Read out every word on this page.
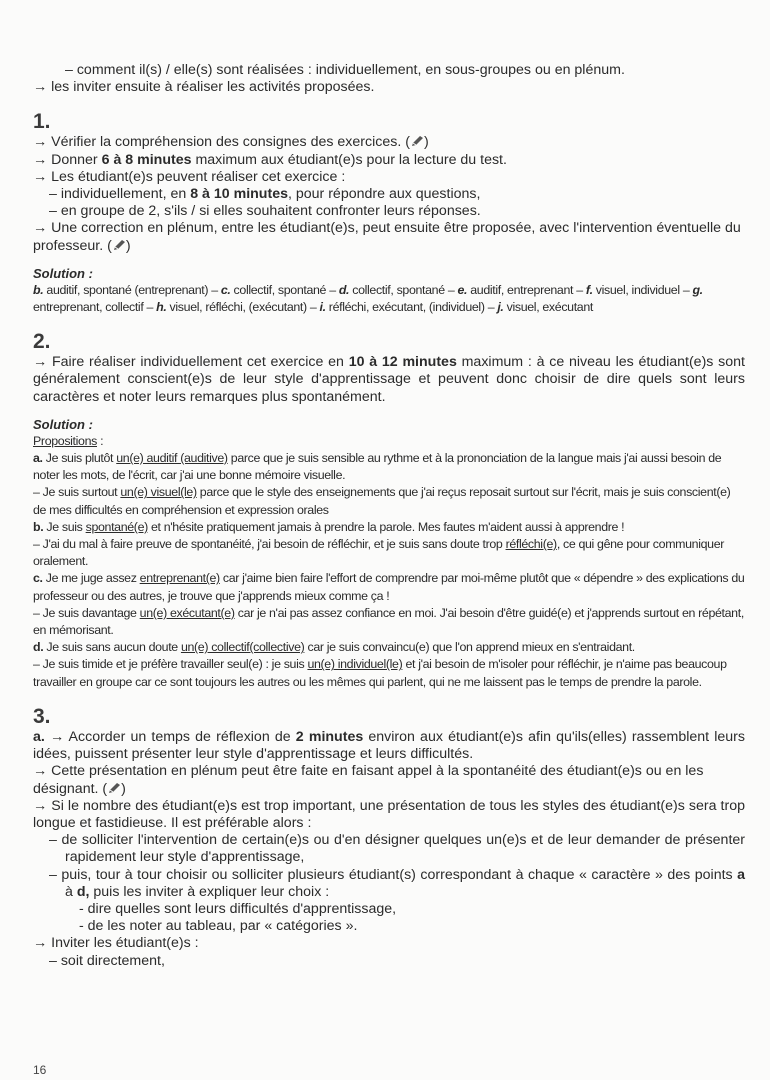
– comment il(s) / elle(s) sont réalisées : individuellement, en sous-groupes ou en plénum.
→ les inviter ensuite à réaliser les activités proposées.
1.
→ Vérifier la compréhension des consignes des exercices. ( )
→ Donner 6 à 8 minutes maximum aux étudiant(e)s pour la lecture du test.
→ Les étudiant(e)s peuvent réaliser cet exercice :
– individuellement, en 8 à 10 minutes, pour répondre aux questions,
– en groupe de 2, s'ils / si elles souhaitent confronter leurs réponses.
→ Une correction en plénum, entre les étudiant(e)s, peut ensuite être proposée, avec l'intervention éventuelle du professeur. ( )
Solution :
b. auditif, spontané (entreprenant) – c. collectif, spontané – d. collectif, spontané – e. auditif, entreprenant – f. visuel, individuel – g. entreprenant, collectif – h. visuel, réfléchi, (exécutant) – i. réfléchi, exécutant, (individuel) – j. visuel, exécutant
2.
→ Faire réaliser individuellement cet exercice en 10 à 12 minutes maximum : à ce niveau les étudiant(e)s sont généralement conscient(e)s de leur style d'apprentissage et peuvent donc choisir de dire quels sont leurs caractères et noter leurs remarques plus spontanément.
Solution :
Propositions :
a. Je suis plutôt un(e) auditif (auditive) parce que je suis sensible au rythme et à la prononciation de la langue mais j'ai aussi besoin de noter les mots, de l'écrit, car j'ai une bonne mémoire visuelle.
– Je suis surtout un(e) visuel(le) parce que le style des enseignements que j'ai reçus reposait surtout sur l'écrit, mais je suis conscient(e) de mes difficultés en compréhension et expression orales
b. Je suis spontané(e) et n'hésite pratiquement jamais à prendre la parole. Mes fautes m'aident aussi à apprendre !
– J'ai du mal à faire preuve de spontanéité, j'ai besoin de réfléchir, et je suis sans doute trop réfléchi(e), ce qui gêne pour communiquer oralement.
c. Je me juge assez entreprenant(e) car j'aime bien faire l'effort de comprendre par moi-même plutôt que « dépendre » des explications du professeur ou des autres, je trouve que j'apprends mieux comme ça !
– Je suis davantage un(e) exécutant(e) car je n'ai pas assez confiance en moi. J'ai besoin d'être guidé(e) et j'apprends surtout en répétant, en mémorisant.
d. Je suis sans aucun doute un(e) collectif(collective) car je suis convaincu(e) que l'on apprend mieux en s'entraidant.
– Je suis timide et je préfère travailler seul(e) : je suis un(e) individuel(le) et j'ai besoin de m'isoler pour réfléchir, je n'aime pas beaucoup travailler en groupe car ce sont toujours les autres ou les mêmes qui parlent, qui ne me laissent pas le temps de prendre la parole.
3.
a. → Accorder un temps de réflexion de 2 minutes environ aux étudiant(e)s afin qu'ils(elles) rassemblent leurs idées, puissent présenter leur style d'apprentissage et leurs difficultés.
→ Cette présentation en plénum peut être faite en faisant appel à la spontanéité des étudiant(e)s ou en les désignant. ( )
→ Si le nombre des étudiant(e)s est trop important, une présentation de tous les styles des étudiant(e)s sera trop longue et fastidieuse. Il est préférable alors :
– de solliciter l'intervention de certain(e)s ou d'en désigner quelques un(e)s et de leur demander de présenter rapidement leur style d'apprentissage,
– puis, tour à tour choisir ou solliciter plusieurs étudiant(s) correspondant à chaque « caractère » des points a à d, puis les inviter à expliquer leur choix :
- dire quelles sont leurs difficultés d'apprentissage,
- de les noter au tableau, par « catégories ».
→ Inviter les étudiant(e)s :
– soit directement,
16
